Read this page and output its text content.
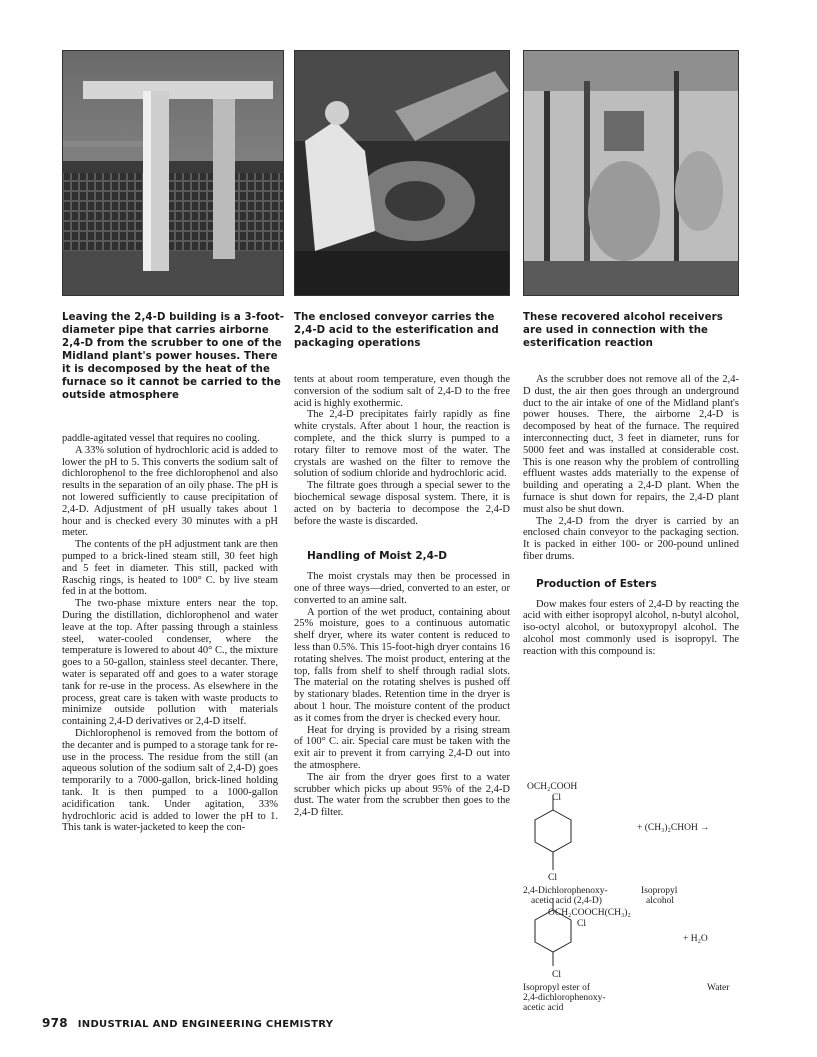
Leaving the 2,4-D building is a 3-foot-diameter pipe that carries airborne 2,4-D from the scrubber to one of the Midland plant's power houses. There it is decomposed by the heat of the furnace so it cannot be carried to the outside atmosphere
The enclosed conveyor carries the 2,4-D acid to the esterification and packaging operations
These recovered alcohol receivers are used in connection with the esterification reaction

paddle-agitated vessel that requires no cooling.

A 33% solution of hydrochloric acid is added to lower the pH to 5. This converts the sodium salt of dichlorophenol to the free dichlorophenol and also results in the separation of an oily phase. The pH is not lowered sufficiently to cause precipitation of 2,4-D. Adjustment of pH usually takes about 1 hour and is checked every 30 minutes with a pH meter.

The contents of the pH adjustment tank are then pumped to a brick-lined steam still, 30 feet high and 5 feet in diameter. This still, packed with Raschig rings, is heated to 100° C. by live steam fed in at the bottom.

The two-phase mixture enters near the top. During the distillation, dichlorophenol and water leave at the top. After passing through a stainless steel, water-cooled condenser, where the temperature is lowered to about 40° C., the mixture goes to a 50-gallon, stainless steel decanter. There, water is separated off and goes to a water storage tank for re-use in the process. As elsewhere in the process, great care is taken with waste products to minimize outside pollution with materials containing 2,4-D derivatives or 2,4-D itself.

Dichlorophenol is removed from the bottom of the decanter and is pumped to a storage tank for re-use in the process. The residue from the still (an aqueous solution of the sodium salt of 2,4-D) goes temporarily to a 7000-gallon, brick-lined holding tank. It is then pumped to a 1000-gallon acidification tank. Under agitation, 33% hydrochloric acid is added to lower the pH to 1. This tank is water-jacketed to keep the con-

tents at about room temperature, even though the conversion of the sodium salt of 2,4-D to the free acid is highly exothermic.

The 2,4-D precipitates fairly rapidly as fine white crystals. After about 1 hour, the reaction is complete, and the thick slurry is pumped to a rotary filter to remove most of the water. The crystals are washed on the filter to remove the solution of sodium chloride and hydrochloric acid.

The filtrate goes through a special sewer to the biochemical sewage disposal system. There, it is acted on by bacteria to decompose the 2,4-D before the waste is discarded.

Handling of Moist 2,4-D

The moist crystals may then be processed in one of three ways—dried, converted to an ester, or converted to an amine salt.

A portion of the wet product, containing about 25% moisture, goes to a continuous automatic shelf dryer, where its water content is reduced to less than 0.5%. This 15-foot-high dryer contains 16 rotating shelves. The moist product, entering at the top, falls from shelf to shelf through radial slots. The material on the rotating shelves is pushed off by stationary blades. Retention time in the dryer is about 1 hour. The moisture content of the product as it comes from the dryer is checked every hour.

Heat for drying is provided by a rising stream of 100° C. air. Special care must be taken with the exit air to prevent it from carrying 2,4-D out into the atmosphere.

The air from the dryer goes first to a water scrubber which picks up about 95% of the 2,4-D dust. The water from the scrubber then goes to the 2,4-D filter.

As the scrubber does not remove all of the 2,4-D dust, the air then goes through an underground duct to the air intake of one of the Midland plant's power houses. There, the airborne 2,4-D is decomposed by heat of the furnace. The required interconnecting duct, 3 feet in diameter, runs for 5000 feet and was installed at considerable cost. This is one reason why the problem of controlling effluent wastes adds materially to the expense of building and operating a 2,4-D plant. When the furnace is shut down for repairs, the 2,4-D plant must also be shut down.

The 2,4-D from the dryer is carried by an enclosed chain conveyor to the packaging section. It is packed in either 100- or 200-pound unlined fiber drums.

Production of Esters

Dow makes four esters of 2,4-D by reacting the acid with either isopropyl alcohol, n-butyl alcohol, iso-octyl alcohol, or butoxypropyl alcohol. The alcohol most commonly used is isopropyl. The reaction with this compound is:

OCH₂COOH
Cl
+ (CH₃)₂CHOH →
Cl
2,4-Dichlorophenoxy-
acetic acid (2,4-D)
Isopropyl
alcohol
OCH₂COOCH(CH₃)₂
Cl
+ H₂O
Cl
Isopropyl ester of
2,4-dichlorophenoxy-
acetic acid
Water
978 INDUSTRIAL AND ENGINEERING CHEMISTRY
